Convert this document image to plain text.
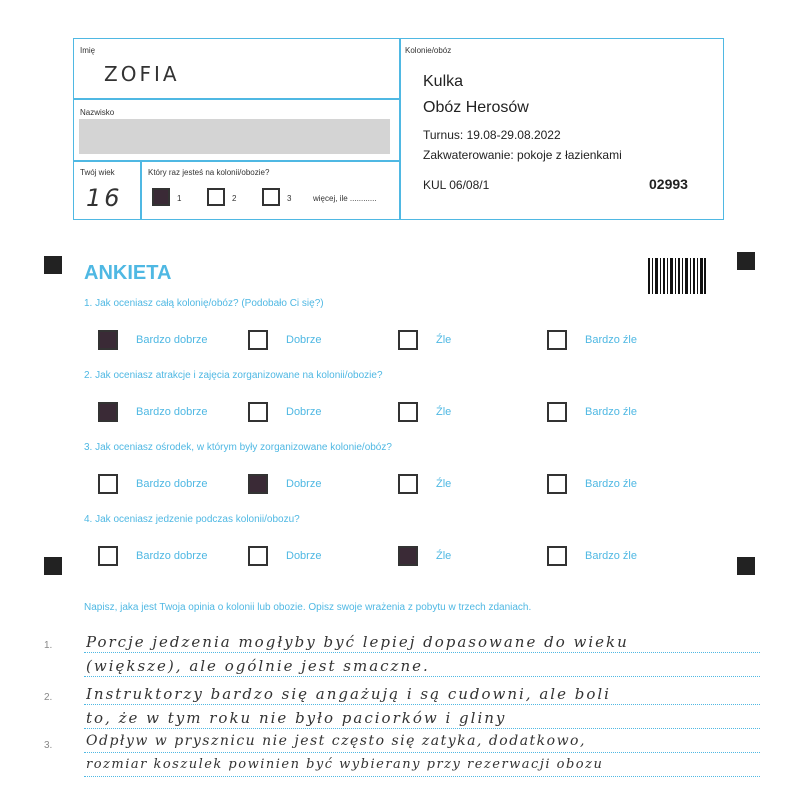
Imię
ZOFIA
Nazwisko
Twój wiek
16
Który raz jesteś na kolonii/obozie?
1	2	3	więcej, ile ............
Kolonie/obóz
Kulka
Obóz Herosów
Turnus: 19.08-29.08.2022
Zakwaterowanie: pokoje z łazienkami
KUL 06/08/1	02993
ANKIETA
1. Jak oceniasz całą kolonię/obóz? (Podobało Ci się?)
Bardzo dobrze	Dobrze	Źle	Bardzo źle
2. Jak oceniasz atrakcje i zajęcia zorganizowane na kolonii/obozie?
Bardzo dobrze	Dobrze	Źle	Bardzo źle
3. Jak oceniasz ośrodek, w którym były zorganizowane kolonie/obóz?
Bardzo dobrze	Dobrze	Źle	Bardzo źle
4. Jak oceniasz jedzenie podczas kolonii/obozu?
Bardzo dobrze	Dobrze	Źle	Bardzo źle
Napisz, jaka jest Twoja opinia o kolonii lub obozie. Opisz swoje wrażenia z pobytu w trzech zdaniach.
1. Porcje jedzenia mogłyby być lepiej dopasowane do wieku
(większe), ale ogólnie jest smaczne.
2. Instruktorzy bardzo się angażują i są cudowni, ale boli
to, że w tym roku nie było paciorków i gliny
3. Odpływ w prysznicu nie jest często się zatyka, dodatkowo,
rozmiar koszulek powinien być wybierany przy rezerwacji obozu
